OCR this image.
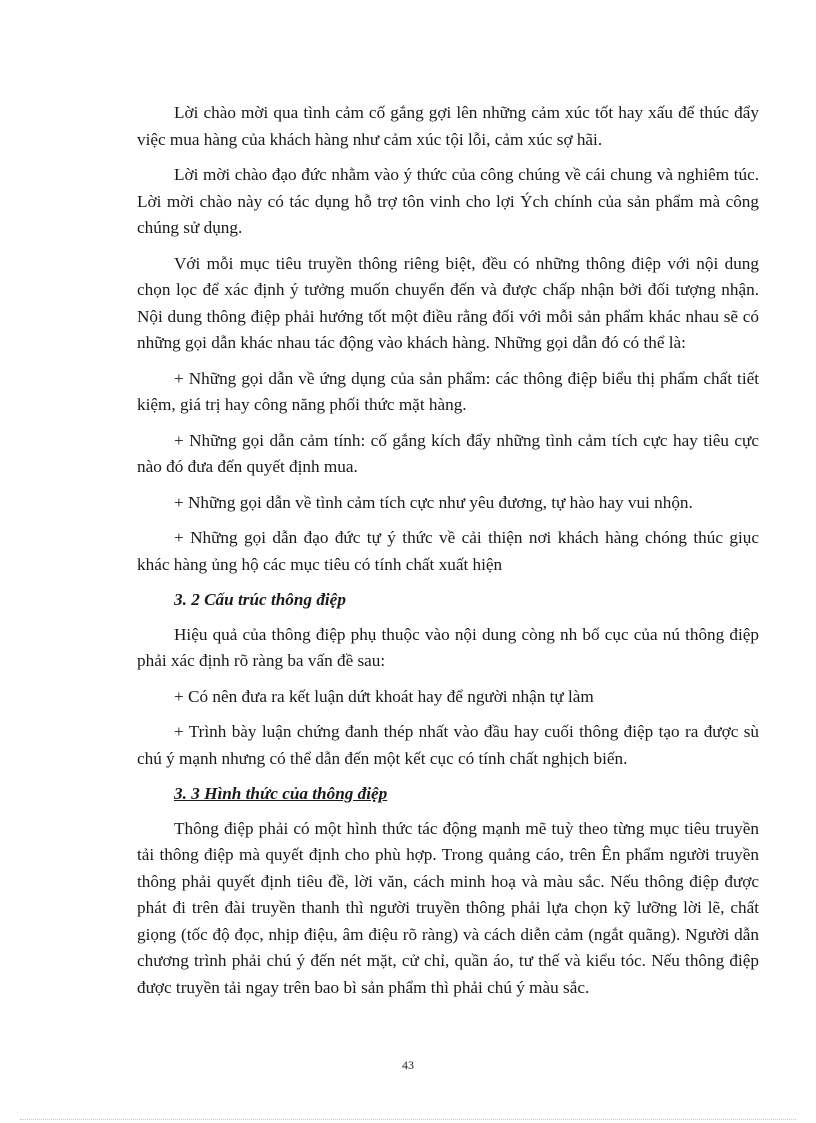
Lời chào mời qua tình cảm cố gắng gợi lên những cảm xúc tốt hay xấu để thúc đẩy việc mua hàng của khách hàng như cảm xúc tội lỗi, cảm xúc sợ hãi.

Lời mời chào đạo đức nhằm vào ý thức của công chúng về cái chung và nghiêm túc. Lời mời chào này có tác dụng hỗ trợ tôn vinh cho lợi Ých chính của sản phẩm mà công chúng sử dụng.

Với mỗi mục tiêu truyền thông riêng biệt, đều có những thông điệp với nội dung chọn lọc để xác định ý tưởng muốn chuyển đến và được chấp nhận bởi đối tượng nhận. Nội dung thông điệp phải hướng tốt một điều rằng đối với mỗi sản phẩm khác nhau sẽ có những gọi dẫn khác nhau tác động vào khách hàng. Những gọi dẫn đó có thể là:

+ Những gọi dẫn về ứng dụng của sản phẩm: các thông điệp biểu thị phẩm chất tiết kiệm, giá trị hay công năng phối thức mặt hàng.

+ Những gọi dẫn cảm tính: cố gắng kích đẩy những tình cảm tích cực hay tiêu cực nào đó đưa đến quyết định mua.

+ Những gọi dẫn về tình cảm tích cực như yêu đương, tự hào hay vui nhộn.

+ Những gọi dẫn đạo đức tự ý thức về cải thiện nơi khách hàng chóng thúc giục khác hàng ủng hộ các mục tiêu có tính chất xuất hiện

3. 2 Cấu trúc thông điệp

Hiệu quả của thông điệp phụ thuộc vào nội dung còng nh bố cục của nú thông điệp phải xác định rõ ràng ba vấn đề sau:

+ Có nên đưa ra kết luận dứt khoát hay để người nhận tự làm

+ Trình bày luận chứng đanh thép nhất vào đầu hay cuối thông điệp tạo ra được sù chú ý mạnh nhưng có thể dẫn đến một kết cục có tính chất nghịch biến.

3. 3 Hình thức của thông điệp

Thông điệp phải có một hình thức tác động mạnh mẽ tuỳ theo từng mục tiêu truyền tải thông điệp mà quyết định cho phù hợp. Trong quảng cáo, trên Ên phẩm người truyền thông phải quyết định tiêu đề, lời văn, cách minh hoạ và màu sắc. Nếu thông điệp được phát đi trên đài truyền thanh thì người truyền thông phải lựa chọn kỹ lưỡng lời lẽ, chất giọng (tốc độ đọc, nhịp điệu, âm điệu rõ ràng) và cách diễn cảm (ngắt quãng). Người dẫn chương trình phải chú ý đến nét mặt, cử chỉ, quần áo, tư thế và kiểu tóc. Nếu thông điệp được truyền tải ngay trên bao bì sản phẩm thì phải chú ý màu sắc.

43
